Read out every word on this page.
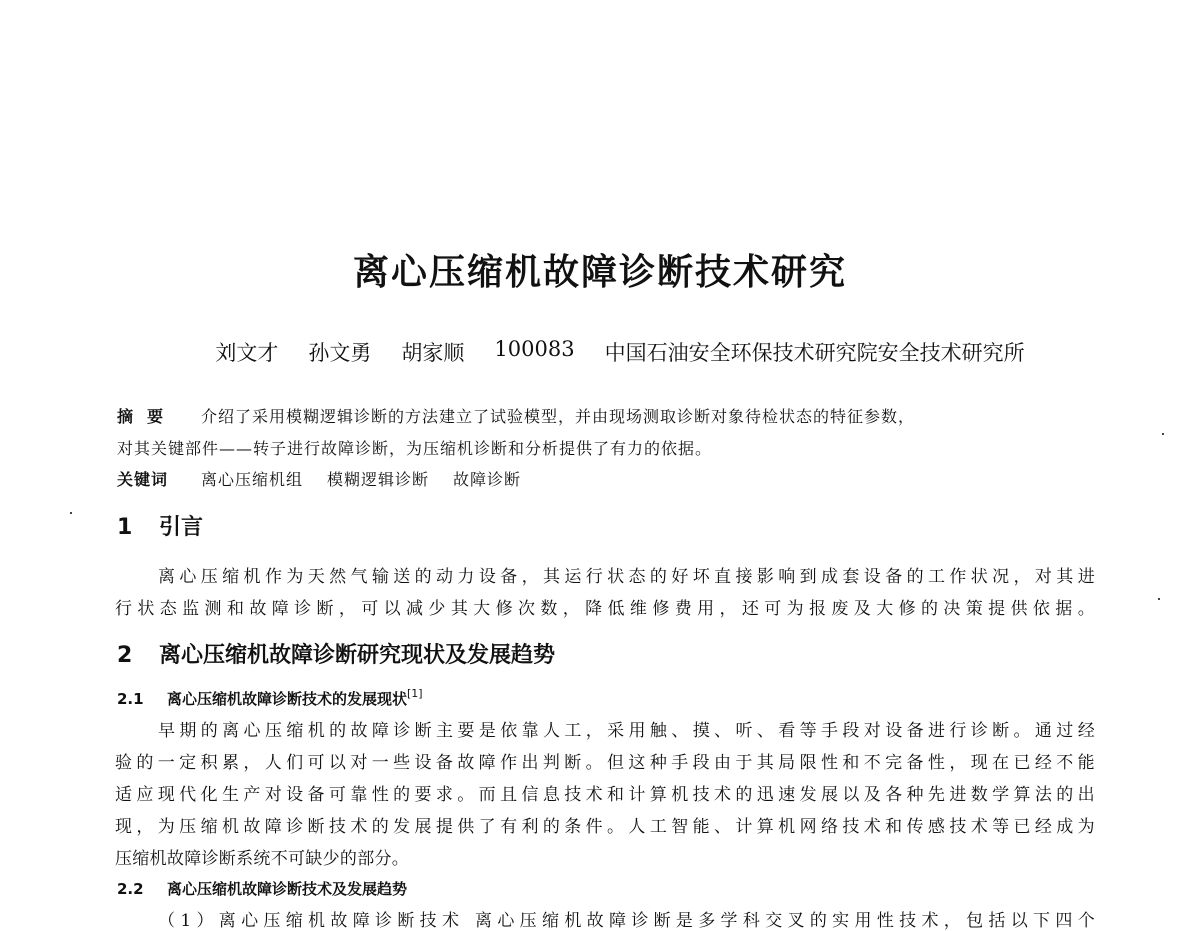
离心压缩机故障诊断技术研究
刘文才 孙文勇 胡家顺 100083 中国石油安全环保技术研究院安全技术研究所
摘要 介绍了采用模糊逻辑诊断的方法建立了试验模型，并由现场测取诊断对象待检状态的特征参数，
对其关键部件——转子进行故障诊断，为压缩机诊断和分析提供了有力的依据。
关键词 离心压缩机组 模糊逻辑诊断 故障诊断
1 引言
离心压缩机作为天然气输送的动力设备，其运行状态的好坏直接影响到成套设备的工作状况，对其进
行状态监测和故障诊断，可以减少其大修次数，降低维修费用，还可为报废及大修的决策提供依据。
2 离心压缩机故障诊断研究现状及发展趋势
2.1 离心压缩机故障诊断技术的发展现状[1]
早期的离心压缩机的故障诊断主要是依靠人工，采用触、摸、听、看等手段对设备进行诊断。通过经
验的一定积累，人们可以对一些设备故障作出判断。但这种手段由于其局限性和不完备性，现在已经不能
适应现代化生产对设备可靠性的要求。而且信息技术和计算机技术的迅速发展以及各种先进数学算法的出
现，为压缩机故障诊断技术的发展提供了有利的条件。人工智能、计算机网络技术和传感技术等已经成为
压缩机故障诊断系统不可缺少的部分。
2.2 离心压缩机故障诊断技术及发展趋势
（1）离心压缩机故障诊断技术 离心压缩机故障诊断是多学科交叉的实用性技术，包括以下四个
